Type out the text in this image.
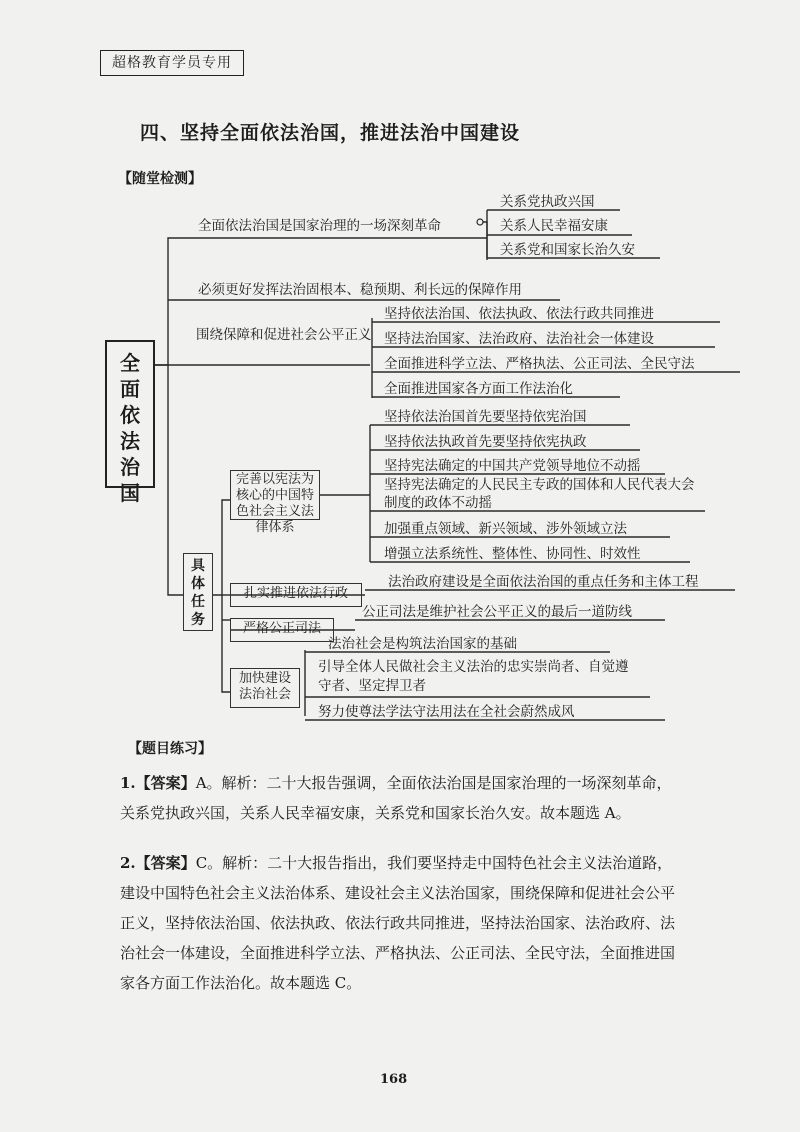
超格教育学员专用
四、坚持全面依法治国，推进法治中国建设
【随堂检测】
全面依法治国
全面依法治国是国家治理的一场深刻革命
关系党执政兴国
关系人民幸福安康
关系党和国家长治久安
必须更好发挥法治固根本、稳预期、利长远的保障作用
围绕保障和促进社会公平正义
坚持依法治国、依法执政、依法行政共同推进
坚持法治国家、法治政府、法治社会一体建设
全面推进科学立法、严格执法、公正司法、全民守法
全面推进国家各方面工作法治化
具体任务
完善以宪法为核心的中国特色社会主义法律体系
坚持依法治国首先要坚持依宪治国
坚持依法执政首先要坚持依宪执政
坚持宪法确定的中国共产党领导地位不动摇
坚持宪法确定的人民民主专政的国体和人民代表大会制度的政体不动摇
加强重点领域、新兴领域、涉外领域立法
增强立法系统性、整体性、协同性、时效性
扎实推进依法行政
法治政府建设是全面依法治国的重点任务和主体工程
严格公正司法
公正司法是维护社会公平正义的最后一道防线
加快建设法治社会
法治社会是构筑法治国家的基础
引导全体人民做社会主义法治的忠实崇尚者、自觉遵守者、坚定捍卫者
努力使尊法学法守法用法在全社会蔚然成风
【题目练习】
1.【答案】A。解析：二十大报告强调，全面依法治国是国家治理的一场深刻革命，关系党执政兴国，关系人民幸福安康，关系党和国家长治久安。故本题选 A。
2.【答案】C。解析：二十大报告指出，我们要坚持走中国特色社会主义法治道路，建设中国特色社会主义法治体系、建设社会主义法治国家，围绕保障和促进社会公平正义，坚持依法治国、依法执政、依法行政共同推进，坚持法治国家、法治政府、法治社会一体建设，全面推进科学立法、严格执法、公正司法、全民守法，全面推进国家各方面工作法治化。故本题选 C。
168
